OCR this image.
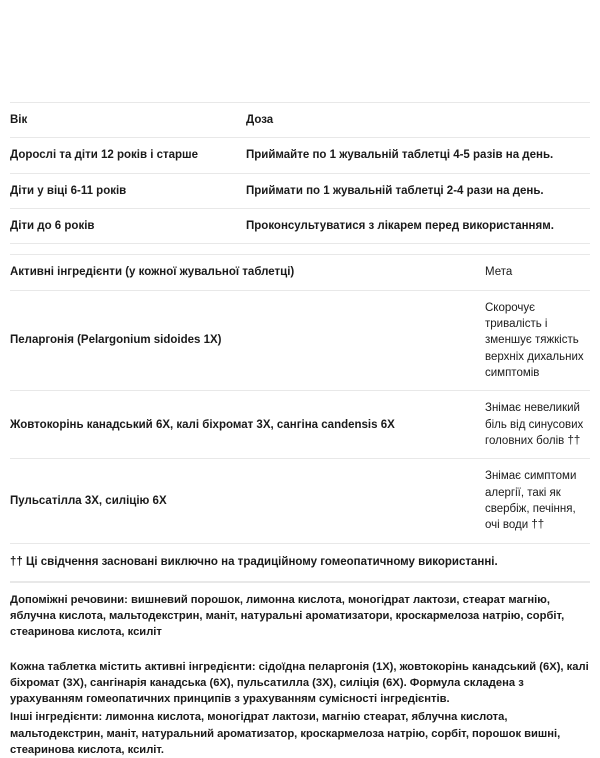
Вік	Доза
Дорослі та діти 12 років і старше	Приймайте по 1 жувальній таблетці 4-5 разів на день.
Діти у віці 6-11 років	Приймати по 1 жувальній таблетці 2-4 рази на день.
Діти до 6 років	Проконсультуватися з лікарем перед використанням.
Активні інгредієнти (у кожної жувальної таблетці)	Мета
Пеларгонія (Pelargonium sidoides 1X)	Скорочує тривалість і зменшує тяжкість верхніх дихальних симптомів
Жовтокорінь канадський 6X, калі біхромат 3X, сангіна candensis 6X	Знімає невеликий біль від синусових головних болів ††
Пульсатілла 3X, силіцію 6X	Знімає симптоми алергії, такі як свербіж, печіння, очі води ††
†† Ці свідчення засновані виключно на традиційному гомеопатичному використанні.	

Допоміжні речовини: вишневий порошок, лимонна кислота, моногідрат лактози, стеарат магнію, яблучна кислота, мальтодекстрин, маніт, натуральні ароматизатори, кроскармелоза натрію, сорбіт, стеаринова кислота, ксиліт

Кожна таблетка містить активні інгредієнти: сідоїдна пеларгонія (1X), жовтокорінь канадський (6X), калі біхромат (3X), сангінарія канадська (6X), пульсатилла (3X), силіція (6X). Формула складена з урахуванням гомеопатичних принципів з урахуванням сумісності інгредієнтів.

Інші інгредієнти: лимонна кислота, моногідрат лактози, магнію стеарат, яблучна кислота, мальтодекстрин, маніт, натуральний ароматизатор, кроскармелоза натрію, сорбіт, порошок вишні, стеаринова кислота, ксиліт.
